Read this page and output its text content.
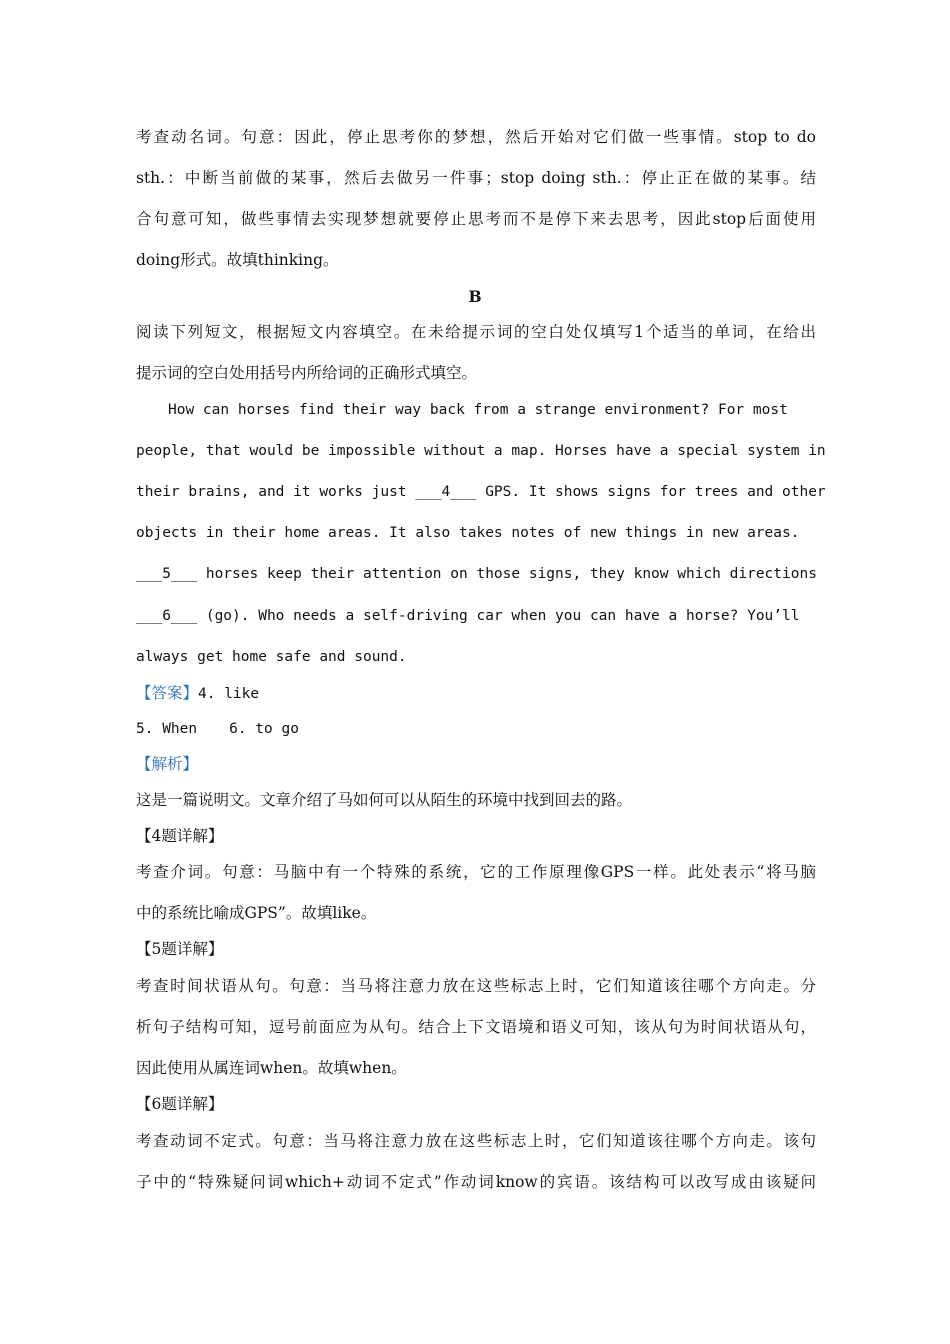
考查动名词。句意：因此，停止思考你的梦想，然后开始对它们做一些事情。stop to do
sth.：中断当前做的某事，然后去做另一件事；stop doing sth.：停止正在做的某事。结
合句意可知，做些事情去实现梦想就要停止思考而不是停下来去思考，因此stop后面使用
doing形式。故填thinking。
B
阅读下列短文，根据短文内容填空。在未给提示词的空白处仅填写1个适当的单词，在给出
提示词的空白处用括号内所给词的正确形式填空。
How can horses find their way back from a strange environment? For most
people, that would be impossible without a map. Horses have a special system in
their brains, and it works just ___4___ GPS. It shows signs for trees and other
objects in their home areas. It also takes notes of new things in new areas.
___5___ horses keep their attention on those signs, they know which directions
___6___ (go). Who needs a self-driving car when you can have a horse? You’ll
always get home safe and sound.
【答案】4. like
5. When 6. to go
【解析】
这是一篇说明文。文章介绍了马如何可以从陌生的环境中找到回去的路。
【4题详解】
考查介词。句意：马脑中有一个特殊的系统，它的工作原理像GPS一样。此处表示“将马脑
中的系统比喻成GPS”。故填like。
【5题详解】
考查时间状语从句。句意：当马将注意力放在这些标志上时，它们知道该往哪个方向走。分
析句子结构可知，逗号前面应为从句。结合上下文语境和语义可知，该从句为时间状语从句，
因此使用从属连词when。故填when。
【6题详解】
考查动词不定式。句意：当马将注意力放在这些标志上时，它们知道该往哪个方向走。该句
子中的“特殊疑问词which+动词不定式”作动词know的宾语。该结构可以改写成由该疑问
